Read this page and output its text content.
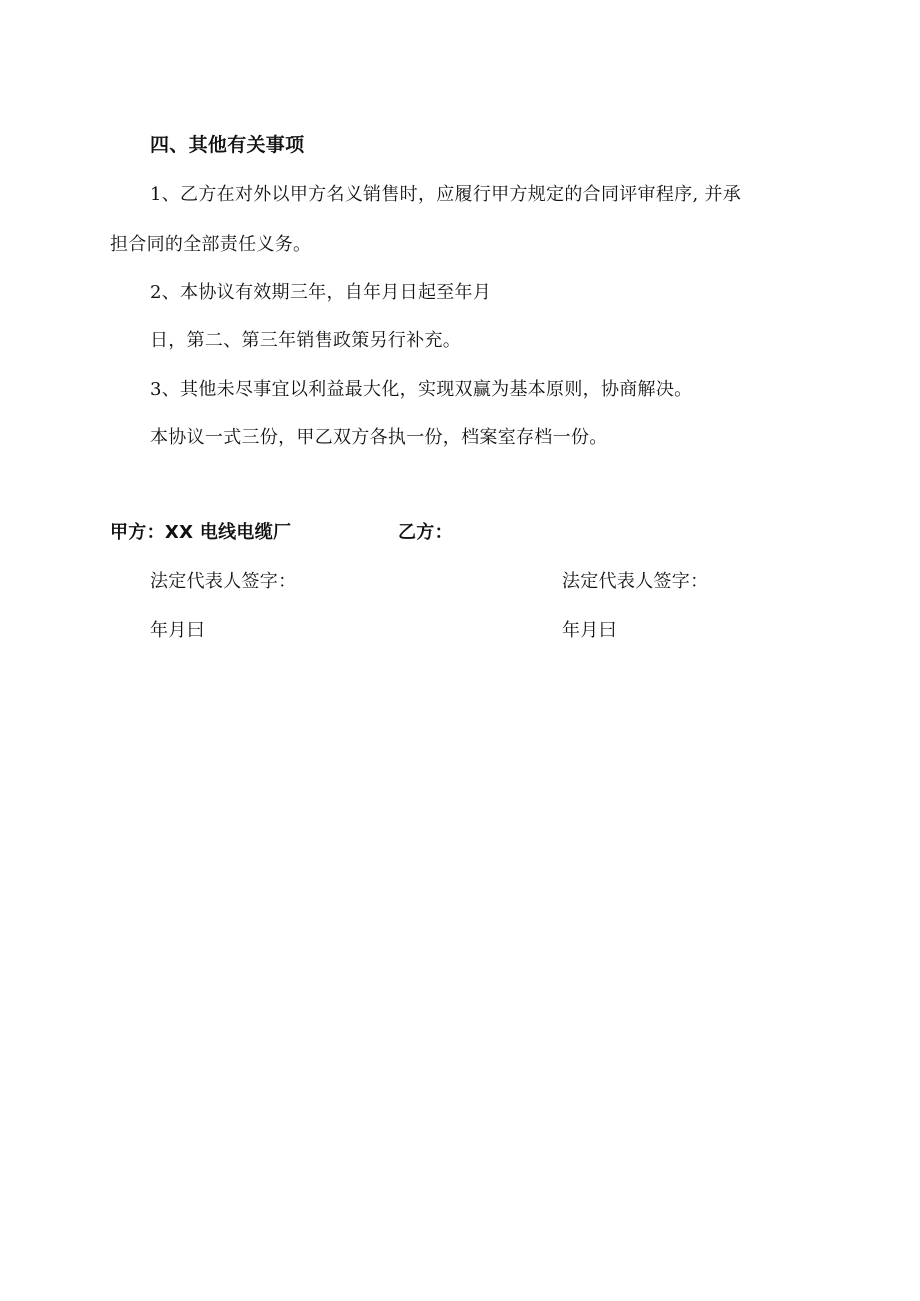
四、其他有关事项
1、乙方在对外以甲方名义销售时，应履行甲方规定的合同评审程序, 并承
担合同的全部责任义务。
2、本协议有效期三年，自年月日起至年月
日，第二、第三年销售政策另行补充。
3、其他未尽事宜以利益最大化，实现双赢为基本原则，协商解决。
本协议一式三份，甲乙双方各执一份，档案室存档一份。
甲方：XX 电线电缆厂	乙方：
法定代表人签字：	法定代表人签字：
年月曰	年月曰
